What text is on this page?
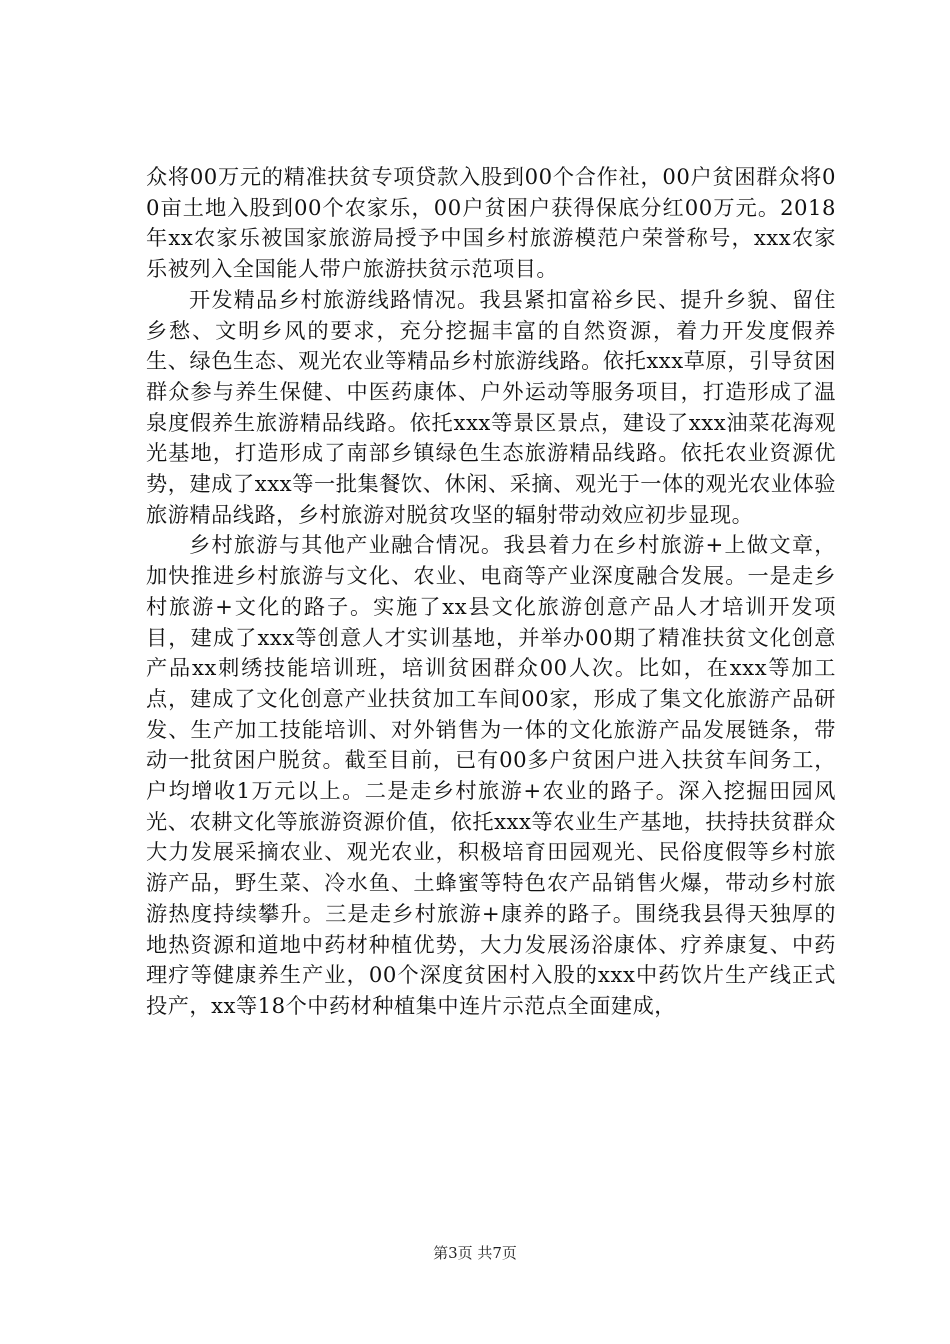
众将00万元的精准扶贫专项贷款入股到00个合作社，00户贫困群众将00亩土地入股到00个农家乐，00户贫困户获得保底分红00万元。2018年xx农家乐被国家旅游局授予中国乡村旅游模范户荣誉称号，xxx农家乐被列入全国能人带户旅游扶贫示范项目。

开发精品乡村旅游线路情况。我县紧扣富裕乡民、提升乡貌、留住乡愁、文明乡风的要求，充分挖掘丰富的自然资源，着力开发度假养生、绿色生态、观光农业等精品乡村旅游线路。依托xxx草原，引导贫困群众参与养生保健、中医药康体、户外运动等服务项目，打造形成了温泉度假养生旅游精品线路。依托xxx等景区景点，建设了xxx油菜花海观光基地，打造形成了南部乡镇绿色生态旅游精品线路。依托农业资源优势，建成了xxx等一批集餐饮、休闲、采摘、观光于一体的观光农业体验旅游精品线路，乡村旅游对脱贫攻坚的辐射带动效应初步显现。

乡村旅游与其他产业融合情况。我县着力在乡村旅游+上做文章，加快推进乡村旅游与文化、农业、电商等产业深度融合发展。一是走乡村旅游+文化的路子。实施了xx县文化旅游创意产品人才培训开发项目，建成了xxx等创意人才实训基地，并举办00期了精准扶贫文化创意产品xx刺绣技能培训班，培训贫困群众00人次。比如，在xxx等加工点，建成了文化创意产业扶贫加工车间00家，形成了集文化旅游产品研发、生产加工技能培训、对外销售为一体的文化旅游产品发展链条，带动一批贫困户脱贫。截至目前，已有00多户贫困户进入扶贫车间务工，户均增收1万元以上。二是走乡村旅游+农业的路子。深入挖掘田园风光、农耕文化等旅游资源价值，依托xxx等农业生产基地，扶持扶贫群众大力发展采摘农业、观光农业，积极培育田园观光、民俗度假等乡村旅游产品，野生菜、冷水鱼、土蜂蜜等特色农产品销售火爆，带动乡村旅游热度持续攀升。三是走乡村旅游+康养的路子。围绕我县得天独厚的地热资源和道地中药材种植优势，大力发展汤浴康体、疗养康复、中药理疗等健康养生产业，00个深度贫困村入股的xxx中药饮片生产线正式投产，xx等18个中药材种植集中连片示范点全面建成，

第3页 共7页
